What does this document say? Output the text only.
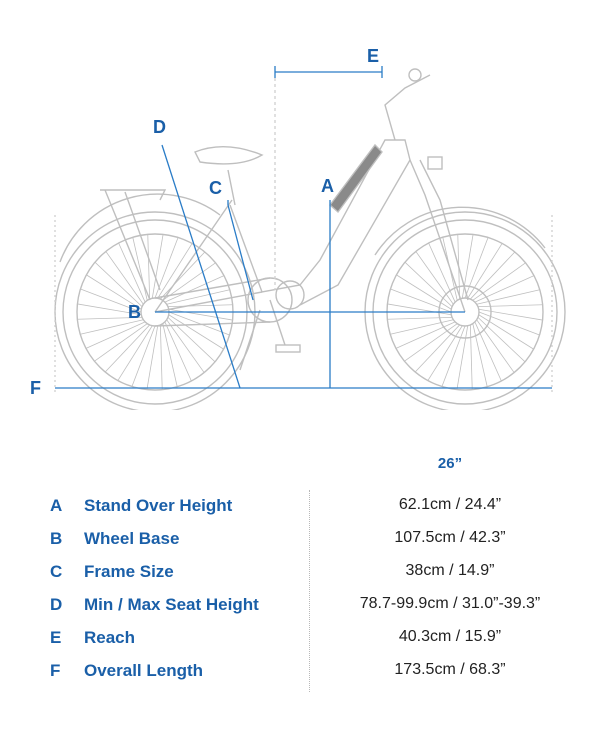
A
B
C
D
E
F
26”
A Stand Over Height	62.1cm / 24.4”
B Wheel Base	107.5cm / 42.3”
C Frame Size	38cm / 14.9”
D Min / Max Seat Height	78.7-99.9cm / 31.0”-39.3”
E Reach	40.3cm / 15.9”
F Overall Length	173.5cm / 68.3”
